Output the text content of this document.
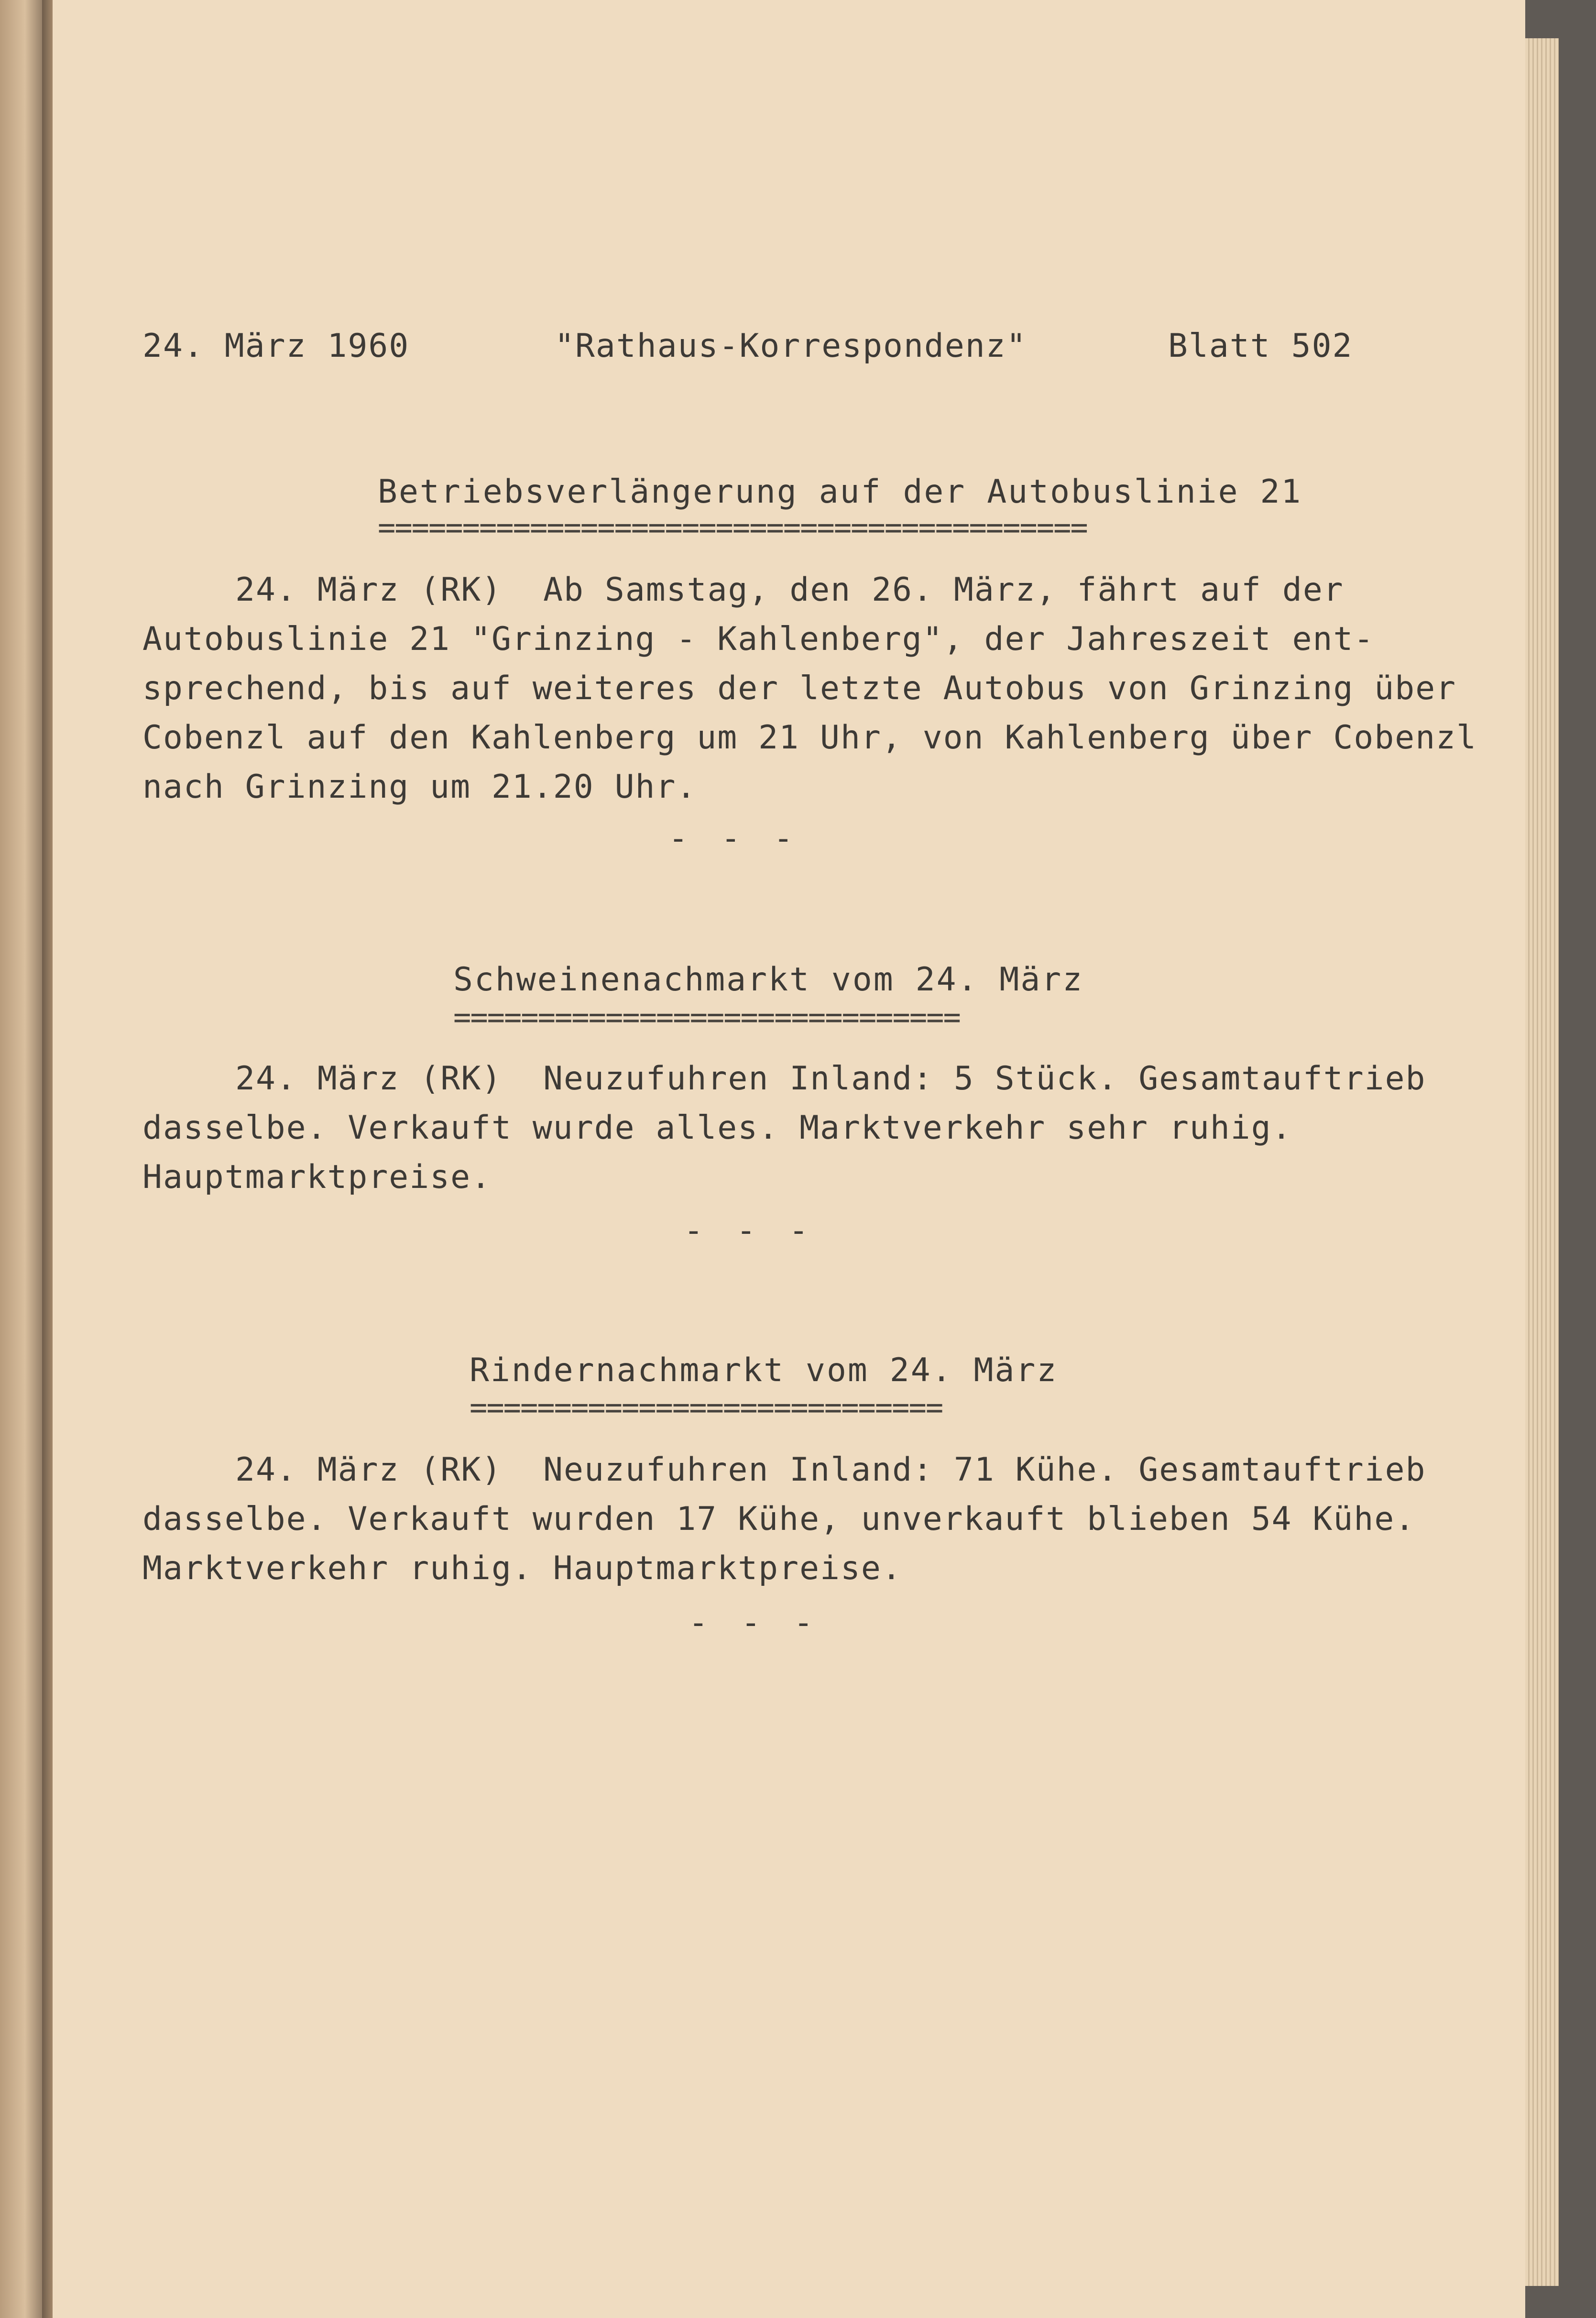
24. März 1960	"Rathaus-Korrespondenz"	Blatt 502
Betriebsverlängerung auf der Autobuslinie 21
==========================================
24. März (RK)  Ab Samstag, den 26. März, fährt auf der
Autobuslinie 21 "Grinzing - Kahlenberg", der Jahreszeit ent-
sprechend, bis auf weiteres der letzte Autobus von Grinzing über
Cobenzl auf den Kahlenberg um 21 Uhr, von Kahlenberg über Cobenzl
nach Grinzing um 21.20 Uhr.
- - -
Schweinenachmarkt vom 24. März
==============================
24. März (RK)  Neuzufuhren Inland: 5 Stück. Gesamtauftrieb
dasselbe. Verkauft wurde alles. Marktverkehr sehr ruhig.
Hauptmarktpreise.
- - -
Rindernachmarkt vom 24. März
============================
24. März (RK)  Neuzufuhren Inland: 71 Kühe. Gesamtauftrieb
dasselbe. Verkauft wurden 17 Kühe, unverkauft blieben 54 Kühe.
Marktverkehr ruhig. Hauptmarktpreise.
- - -
